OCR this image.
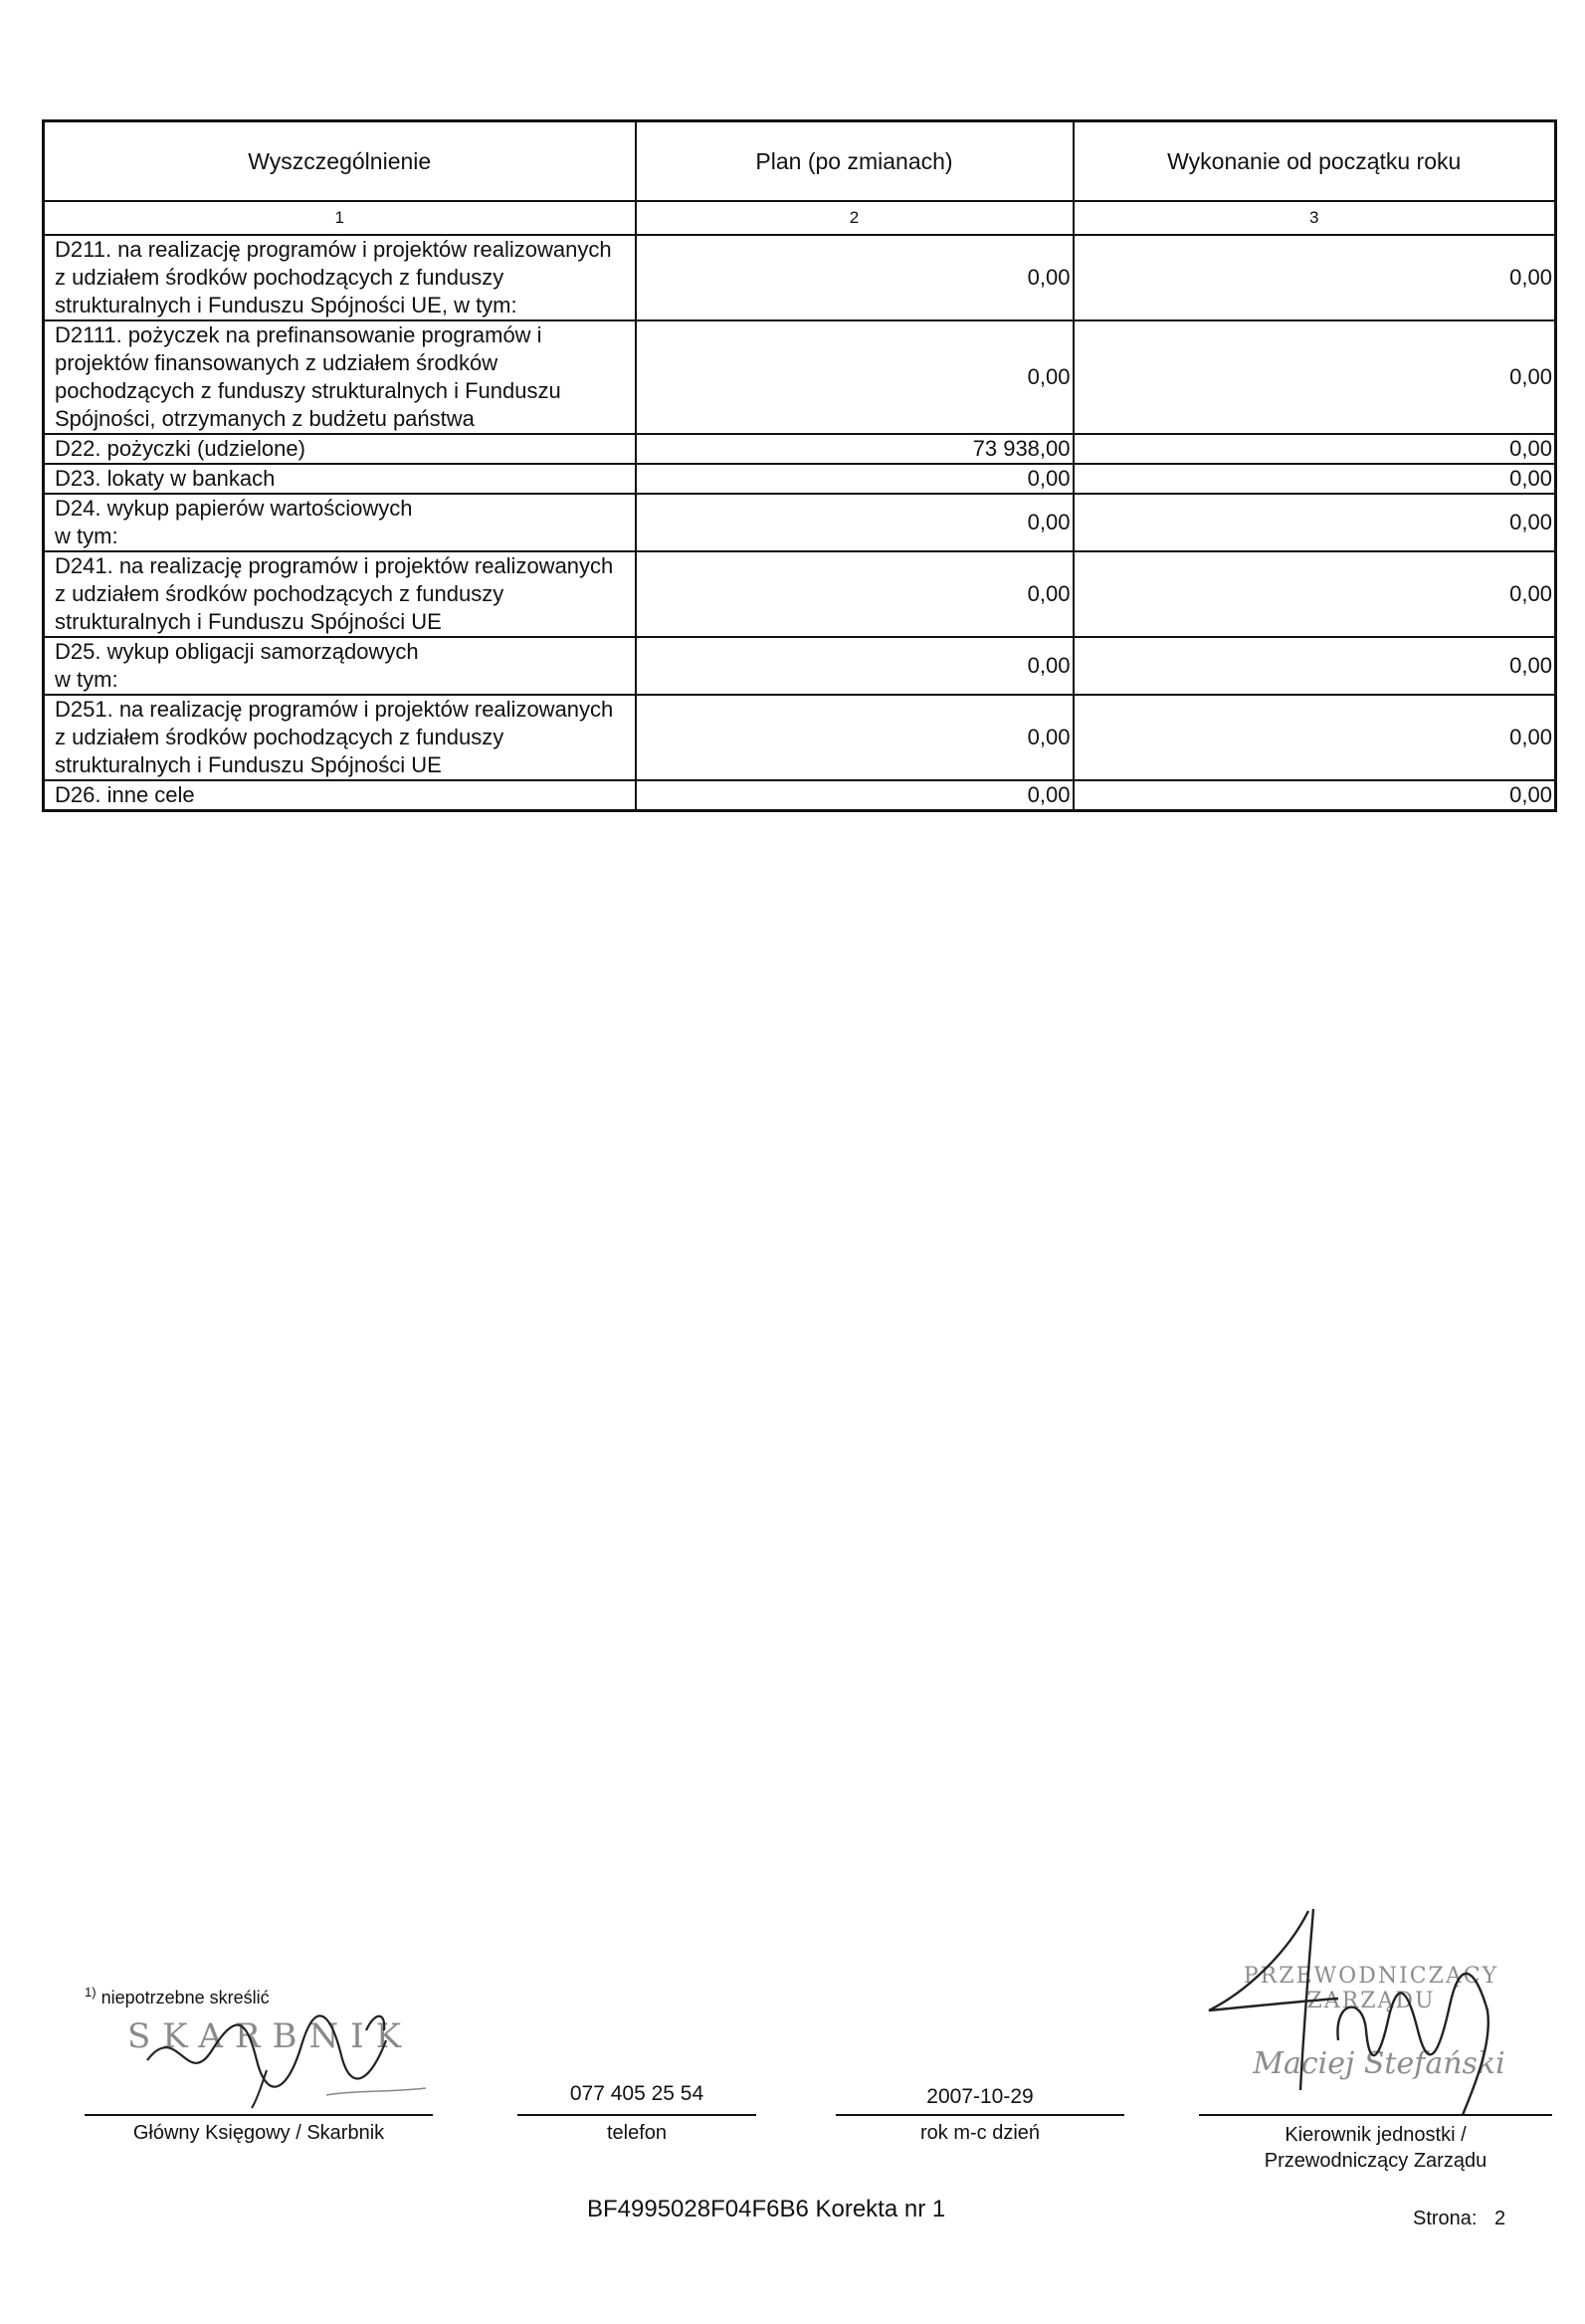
Wyszczególnienie	Plan (po zmianach)	Wykonanie od początku roku
1	2	3
D211. na realizację programów i projektów realizowanych z udziałem środków pochodzących z funduszy strukturalnych i Funduszu Spójności UE, w tym:	0,00	0,00
D2111. pożyczek na prefinansowanie programów i projektów finansowanych z udziałem środków pochodzących z funduszy strukturalnych i Funduszu Spójności, otrzymanych z budżetu państwa	0,00	0,00
D22. pożyczki (udzielone)	73 938,00	0,00
D23. lokaty w bankach	0,00	0,00
D24. wykup papierów wartościowych
w tym:	0,00	0,00
D241. na realizację programów i projektów realizowanych z udziałem środków pochodzących z funduszy strukturalnych i Funduszu Spójności UE	0,00	0,00
D25. wykup obligacji samorządowych
w tym:	0,00	0,00
D251. na realizację programów i projektów realizowanych z udziałem środków pochodzących z funduszy strukturalnych i Funduszu Spójności UE	0,00	0,00
D26. inne cele	0,00	0,00
$^{1)}$ niepotrzebne skreślić
SKARBNIK
Główny Księgowy / Skarbnik
077 405 25 54
telefon
2007-10-29
rok m-c dzień
PRZEWODNICZĄCY ZARZĄDU
Maciej Stefański
Kierownik jednostki /
Przewodniczący Zarządu
BF4995028F04F6B6 Korekta nr 1	Strona: 2
